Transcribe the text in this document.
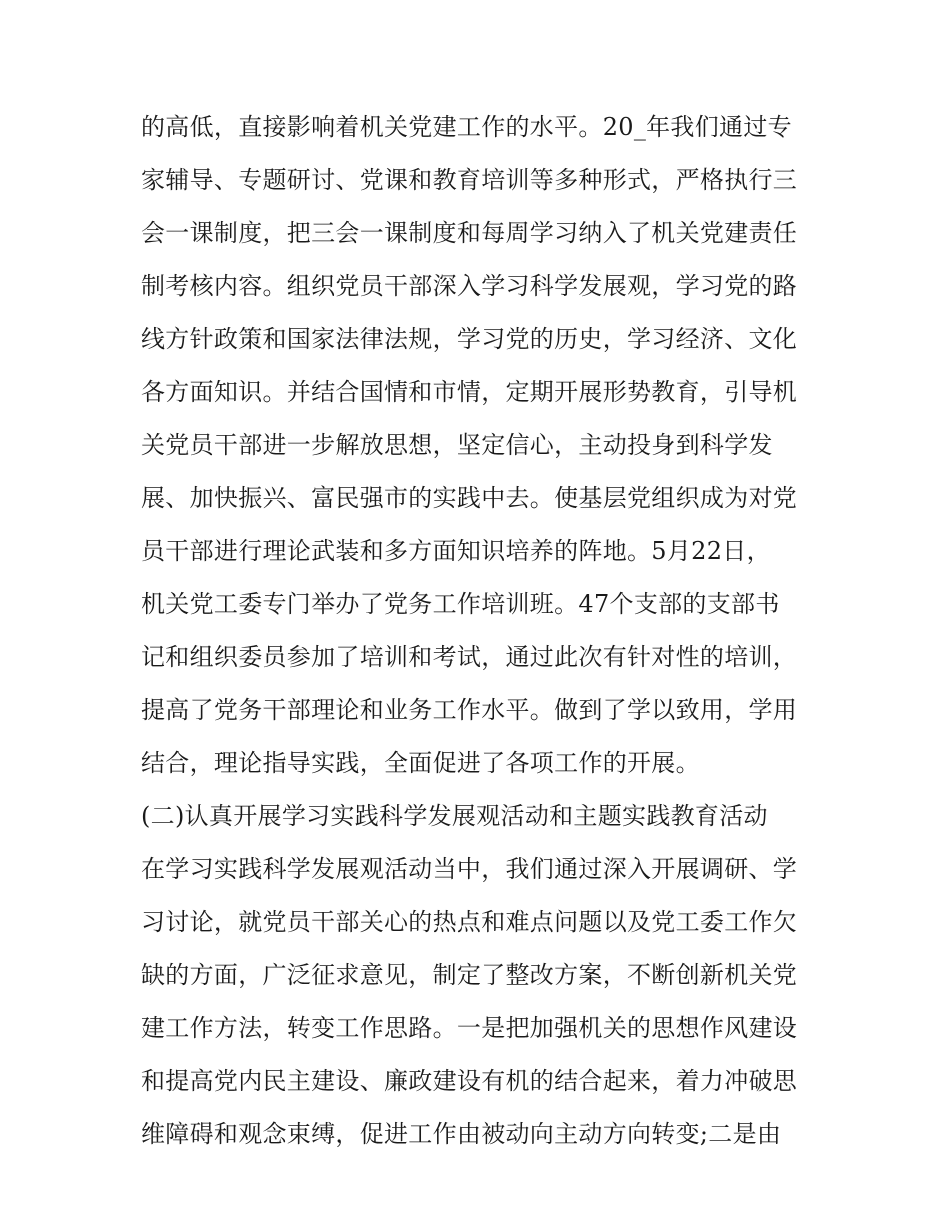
的高低，直接影响着机关党建工作的水平。20_年我们通过专
家辅导、专题研讨、党课和教育培训等多种形式，严格执行三
会一课制度，把三会一课制度和每周学习纳入了机关党建责任
制考核内容。组织党员干部深入学习科学发展观，学习党的路
线方针政策和国家法律法规，学习党的历史，学习经济、文化
各方面知识。并结合国情和市情，定期开展形势教育，引导机
关党员干部进一步解放思想，坚定信心，主动投身到科学发
展、加快振兴、富民强市的实践中去。使基层党组织成为对党
员干部进行理论武装和多方面知识培养的阵地。5月22日，
机关党工委专门举办了党务工作培训班。47个支部的支部书
记和组织委员参加了培训和考试，通过此次有针对性的培训，
提高了党务干部理论和业务工作水平。做到了学以致用，学用
结合，理论指导实践，全面促进了各项工作的开展。
(二)认真开展学习实践科学发展观活动和主题实践教育活动
在学习实践科学发展观活动当中，我们通过深入开展调研、学
习讨论，就党员干部关心的热点和难点问题以及党工委工作欠
缺的方面，广泛征求意见，制定了整改方案，不断创新机关党
建工作方法，转变工作思路。一是把加强机关的思想作风建设
和提高党内民主建设、廉政建设有机的结合起来，着力冲破思
维障碍和观念束缚，促进工作由被动向主动方向转变;二是由
